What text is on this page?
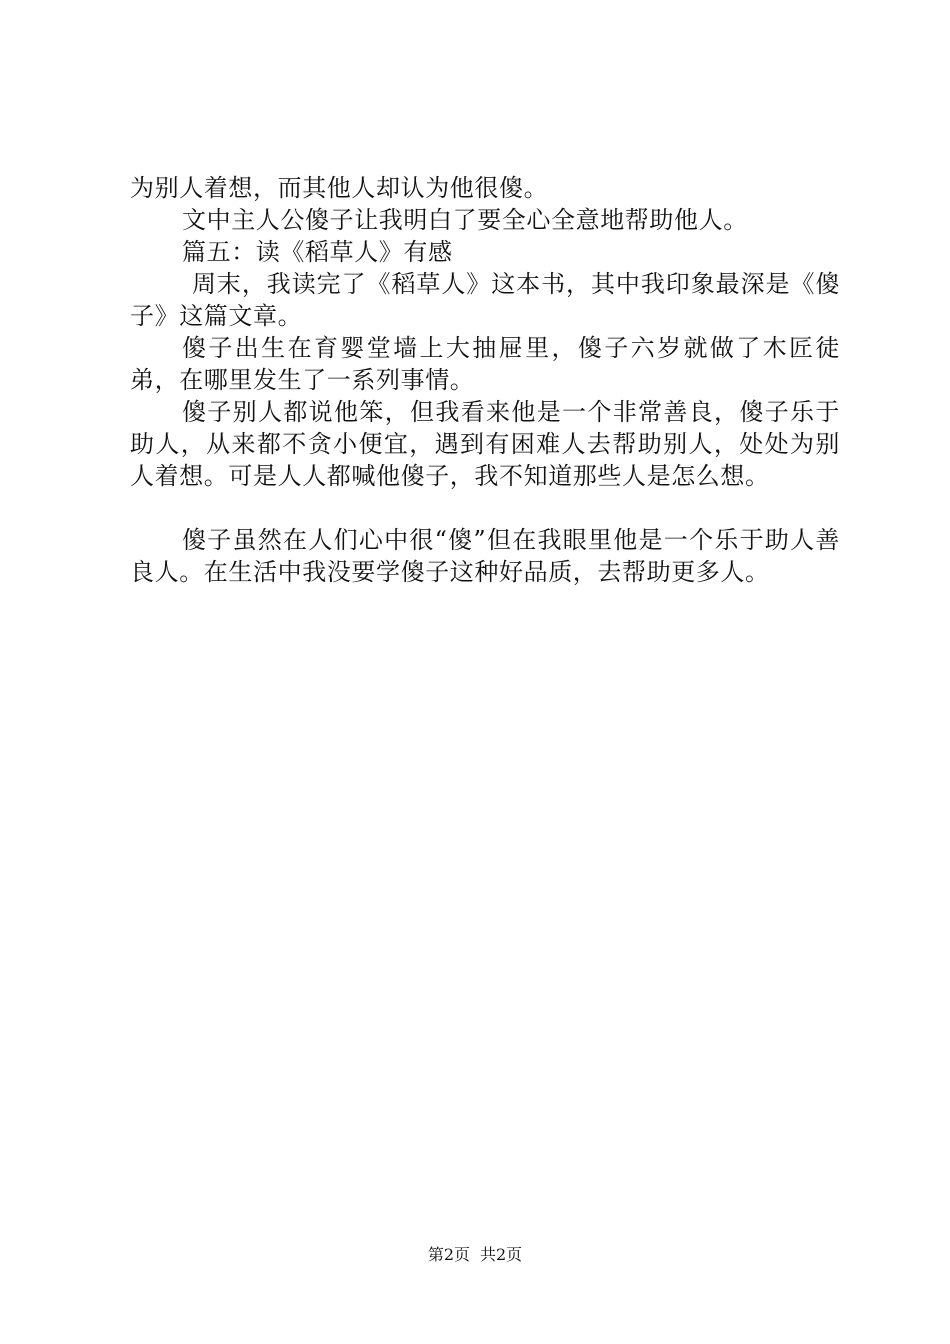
为别人着想，而其他人却认为他很傻。

文中主人公傻子让我明白了要全心全意地帮助他人。

篇五：读《稻草人》有感

周末，我读完了《稻草人》这本书，其中我印象最深是《傻子》这篇文章。

傻子出生在育婴堂墙上大抽屉里，傻子六岁就做了木匠徒弟，在哪里发生了一系列事情。

傻子别人都说他笨，但我看来他是一个非常善良，傻子乐于助人，从来都不贪小便宜，遇到有困难人去帮助别人，处处为别人着想。可是人人都喊他傻子，我不知道那些人是怎么想。

傻子虽然在人们心中很“傻”但在我眼里他是一个乐于助人善良人。在生活中我没要学傻子这种好品质，去帮助更多人。

第2页 共2页
